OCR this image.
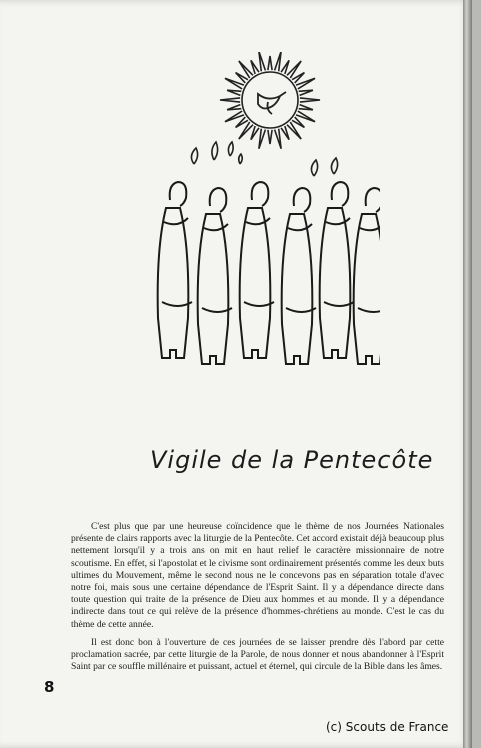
Vigile de la Pentecôte

C'est plus que par une heureuse coïncidence que le thème de nos Journées Nationales présente de clairs rapports avec la liturgie de la Pentecôte. Cet accord existait déjà beaucoup plus nettement lorsqu'il y a trois ans on mit en haut relief le caractère missionnaire de notre scoutisme. En effet, si l'apostolat et le civisme sont ordinairement présentés comme les deux buts ultimes du Mouvement, même le second nous ne le concevons pas en séparation totale d'avec notre foi, mais sous une certaine dépendance de l'Esprit Saint. Il y a dépendance directe dans toute question qui traite de la présence de Dieu aux hommes et au monde. Il y a dépendance indirecte dans tout ce qui relève de la présence d'hommes-chrétiens au monde. C'est le cas du thème de cette année.

Il est donc bon à l'ouverture de ces journées de se laisser prendre dès l'abord par cette proclamation sacrée, par cette liturgie de la Parole, de nous donner et nous abandonner à l'Esprit Saint par ce souffle millénaire et puissant, actuel et éternel, qui circule de la Bible dans les âmes.

8
(c) Scouts de France
